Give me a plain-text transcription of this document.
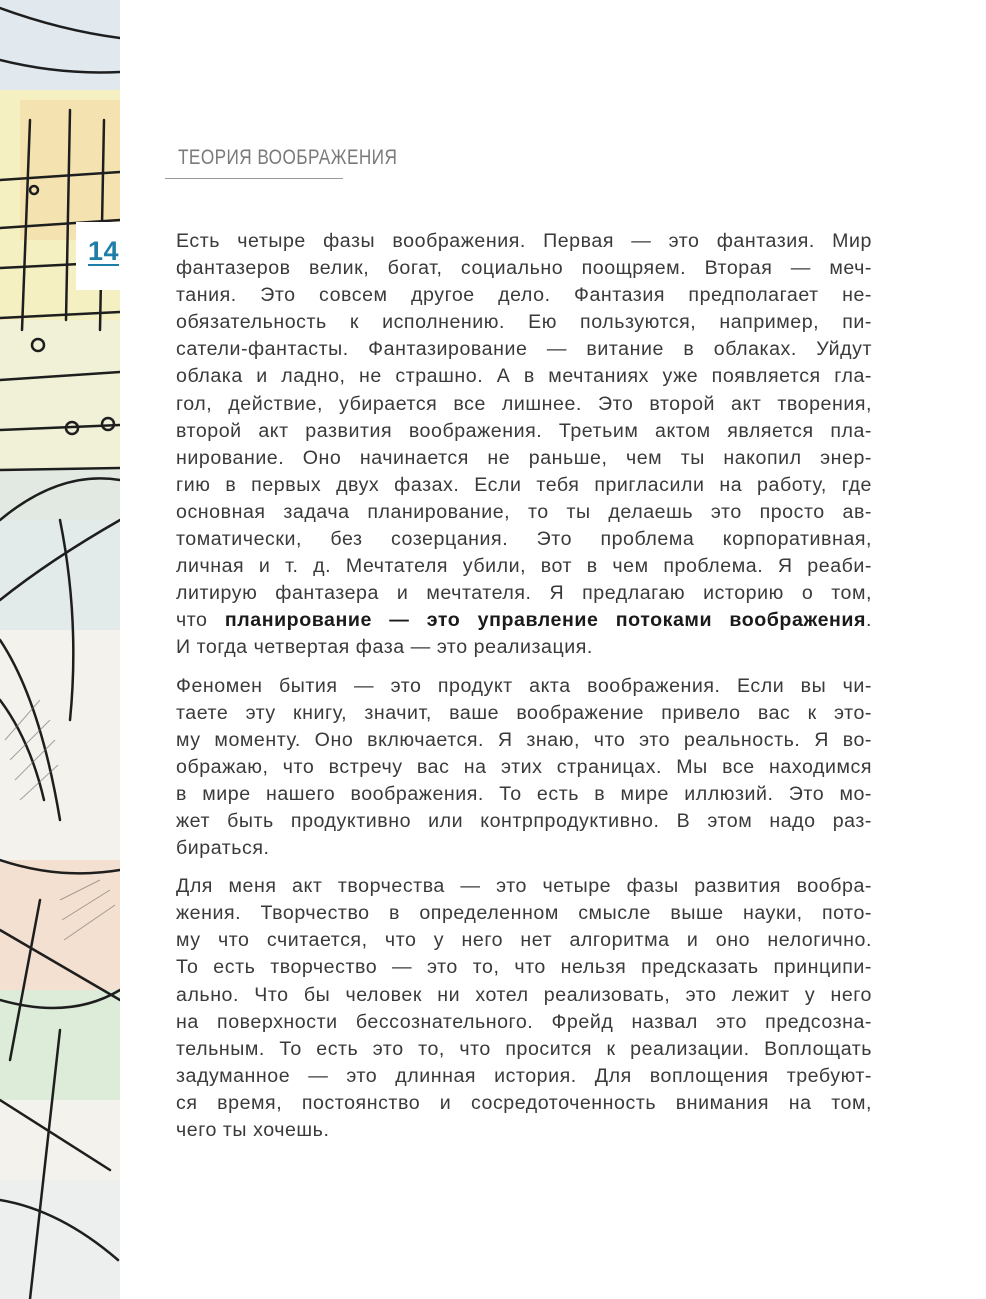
14
ТЕОРИЯ ВООБРАЖЕНИЯ
Есть четыре фазы воображения. Первая — это фантазия. Мир
фантазеров велик, богат, социально поощряем. Вторая — меч-
тания. Это совсем другое дело. Фантазия предполагает не-
обязательность к исполнению. Ею пользуются, например, пи-
сатели-фантасты. Фантазирование — витание в облаках. Уйдут
облака и ладно, не страшно. А в мечтаниях уже появляется гла-
гол, действие, убирается все лишнее. Это второй акт творения,
второй акт развития воображения. Третьим актом является пла-
нирование. Оно начинается не раньше, чем ты накопил энер-
гию в первых двух фазах. Если тебя пригласили на работу, где
основная задача планирование, то ты делаешь это просто ав-
томатически, без созерцания. Это проблема корпоративная,
личная и т. д. Мечтателя убили, вот в чем проблема. Я реаби-
литирую фантазера и мечтателя. Я предлагаю историю о том,
что планирование — это управление потоками воображения.
И тогда четвертая фаза — это реализация.
Феномен бытия — это продукт акта воображения. Если вы чи-
таете эту книгу, значит, ваше воображение привело вас к это-
му моменту. Оно включается. Я знаю, что это реальность. Я во-
ображаю, что встречу вас на этих страницах. Мы все находимся
в мире нашего воображения. То есть в мире иллюзий. Это мо-
жет быть продуктивно или контрпродуктивно. В этом надо раз-
бираться.
Для меня акт творчества — это четыре фазы развития вообра-
жения. Творчество в определенном смысле выше науки, пото-
му что считается, что у него нет алгоритма и оно нелогично.
То есть творчество — это то, что нельзя предсказать принципи-
ально. Что бы человек ни хотел реализовать, это лежит у него
на поверхности бессознательного. Фрейд назвал это предсозна-
тельным. То есть это то, что просится к реализации. Воплощать
задуманное — это длинная история. Для воплощения требуют-
ся время, постоянство и сосредоточенность внимания на том,
чего ты хочешь.
